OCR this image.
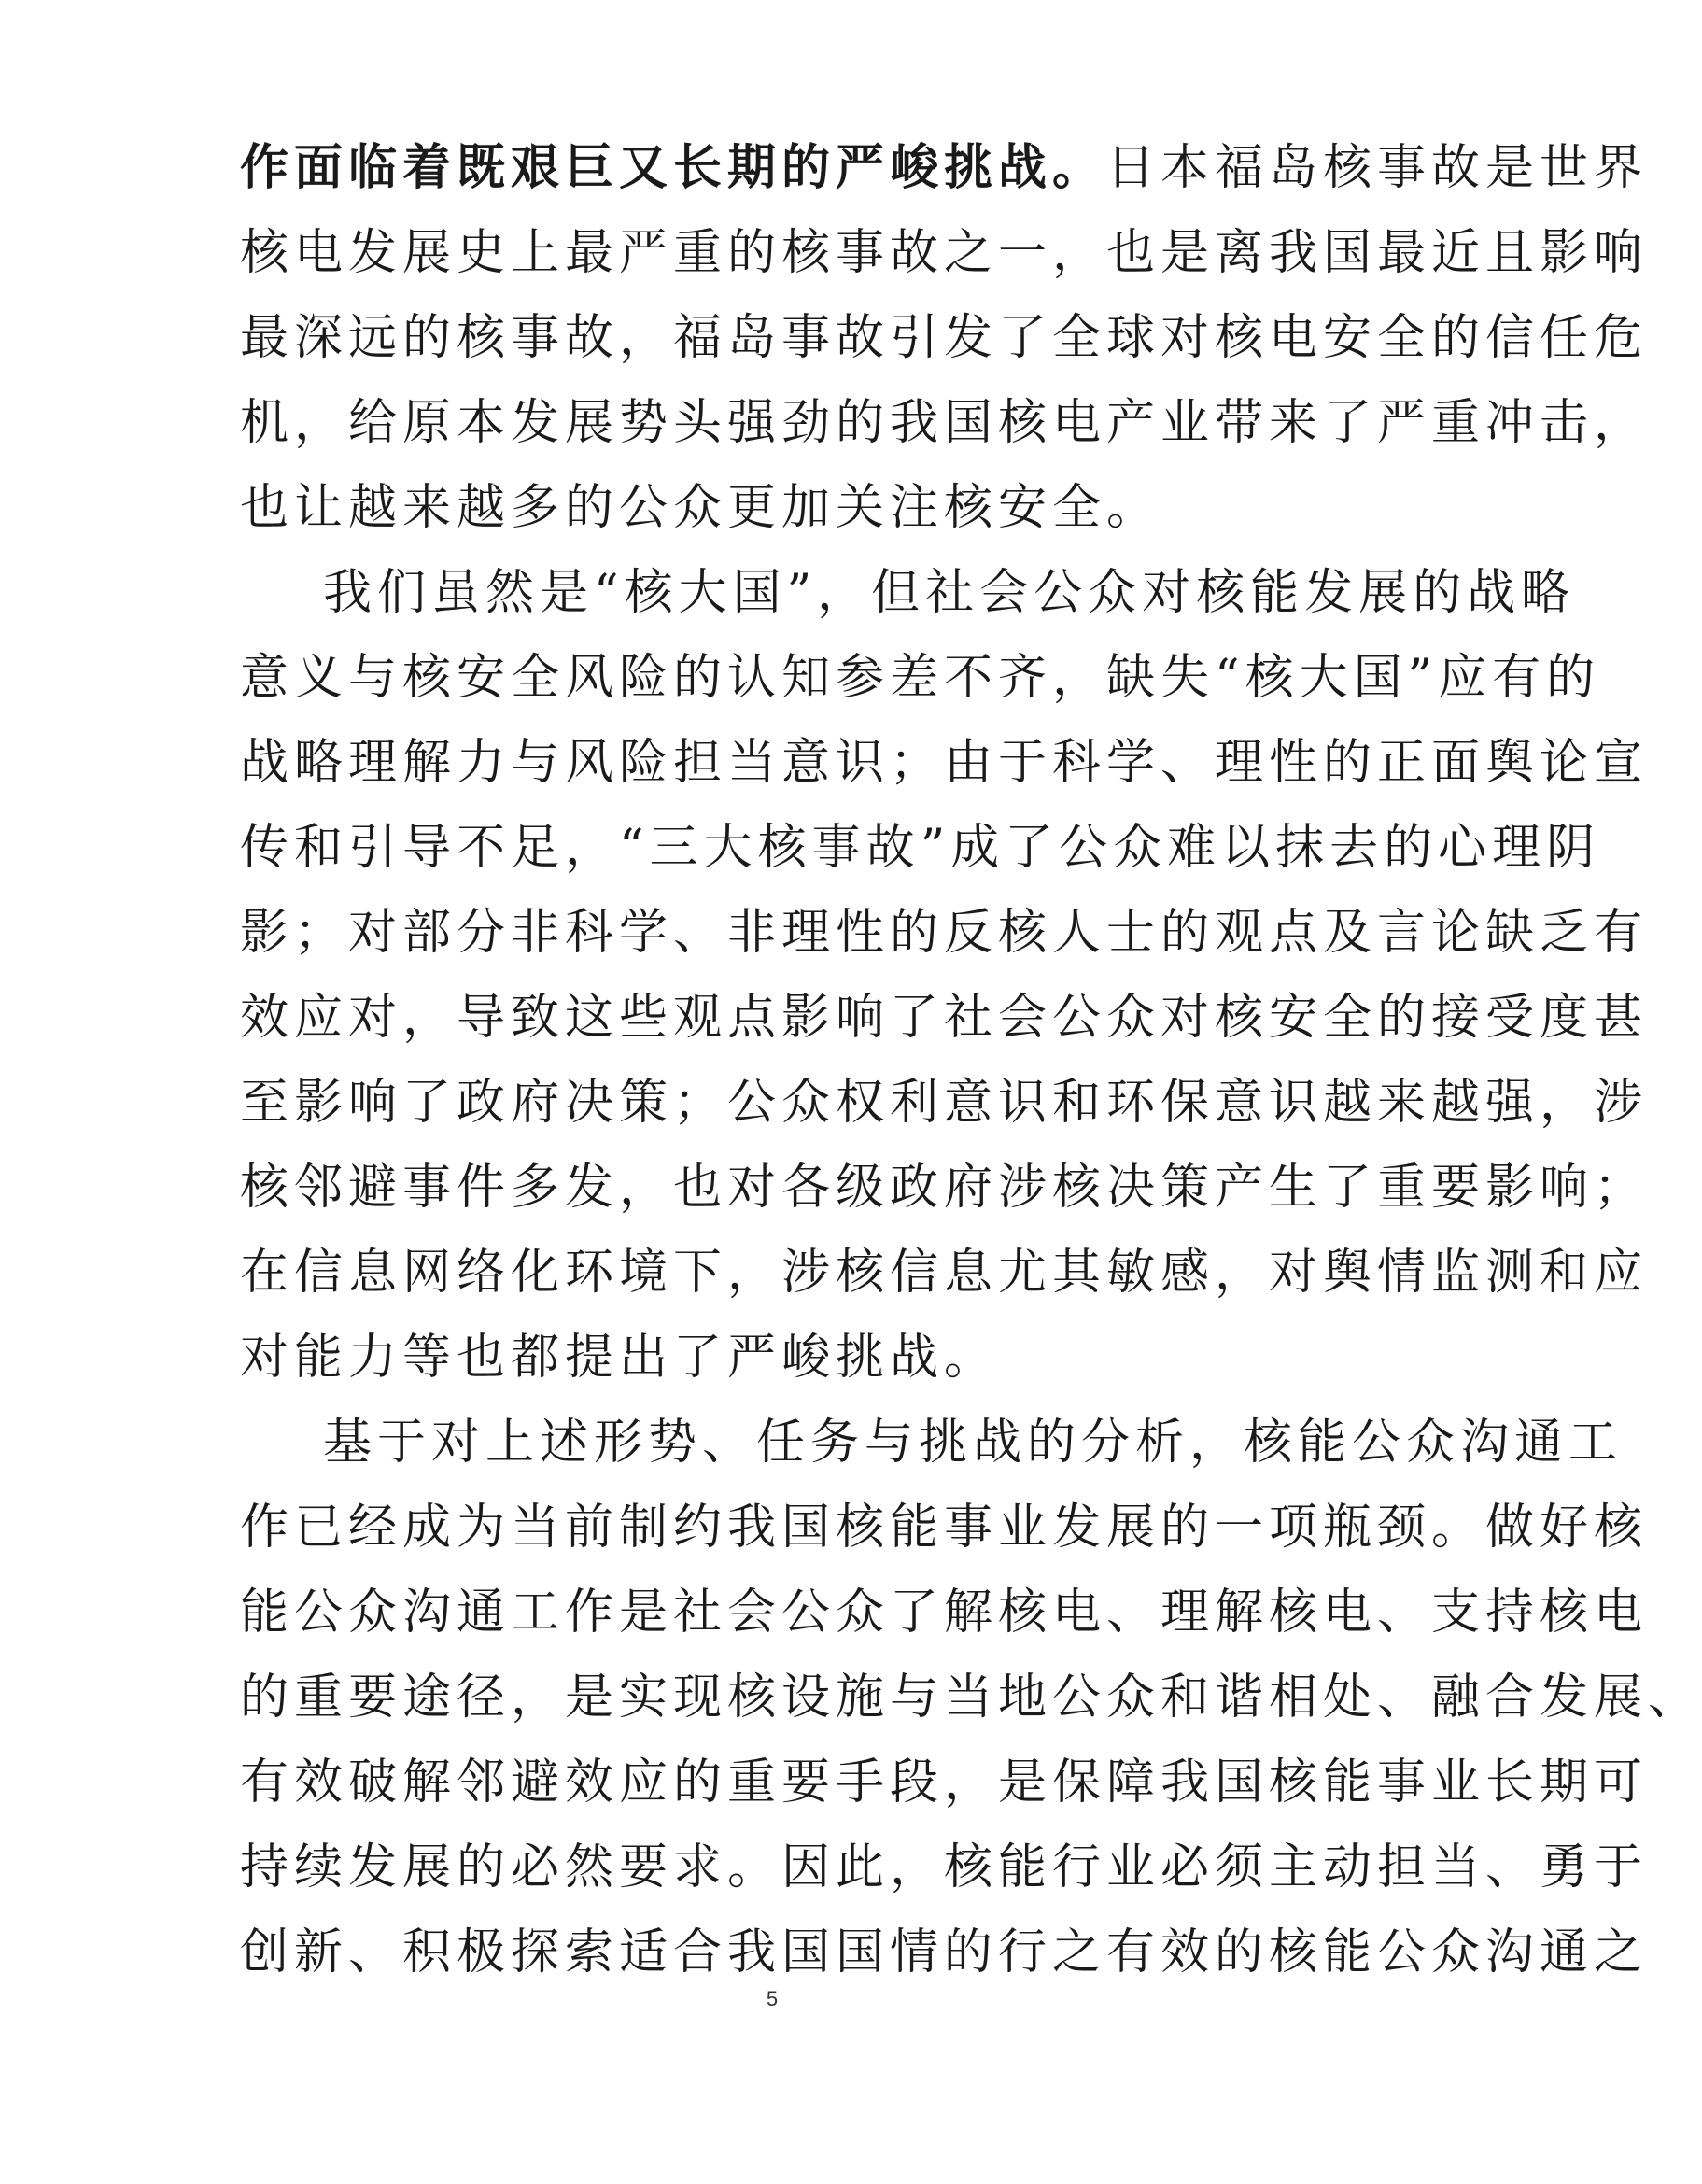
作面临着既艰巨又长期的严峻挑战。日本福岛核事故是世界
核电发展史上最严重的核事故之一，也是离我国最近且影响
最深远的核事故，福岛事故引发了全球对核电安全的信任危
机，给原本发展势头强劲的我国核电产业带来了严重冲击，
也让越来越多的公众更加关注核安全。
我们虽然是“核大国”，但社会公众对核能发展的战略
意义与核安全风险的认知参差不齐，缺失“核大国”应有的
战略理解力与风险担当意识；由于科学、理性的正面舆论宣
传和引导不足，“三大核事故”成了公众难以抹去的心理阴
影；对部分非科学、非理性的反核人士的观点及言论缺乏有
效应对，导致这些观点影响了社会公众对核安全的接受度甚
至影响了政府决策；公众权利意识和环保意识越来越强，涉
核邻避事件多发，也对各级政府涉核决策产生了重要影响；
在信息网络化环境下，涉核信息尤其敏感，对舆情监测和应
对能力等也都提出了严峻挑战。
基于对上述形势、任务与挑战的分析，核能公众沟通工
作已经成为当前制约我国核能事业发展的一项瓶颈。做好核
能公众沟通工作是社会公众了解核电、理解核电、支持核电
的重要途径，是实现核设施与当地公众和谐相处、融合发展、
有效破解邻避效应的重要手段，是保障我国核能事业长期可
持续发展的必然要求。因此，核能行业必须主动担当、勇于
创新、积极探索适合我国国情的行之有效的核能公众沟通之
5
